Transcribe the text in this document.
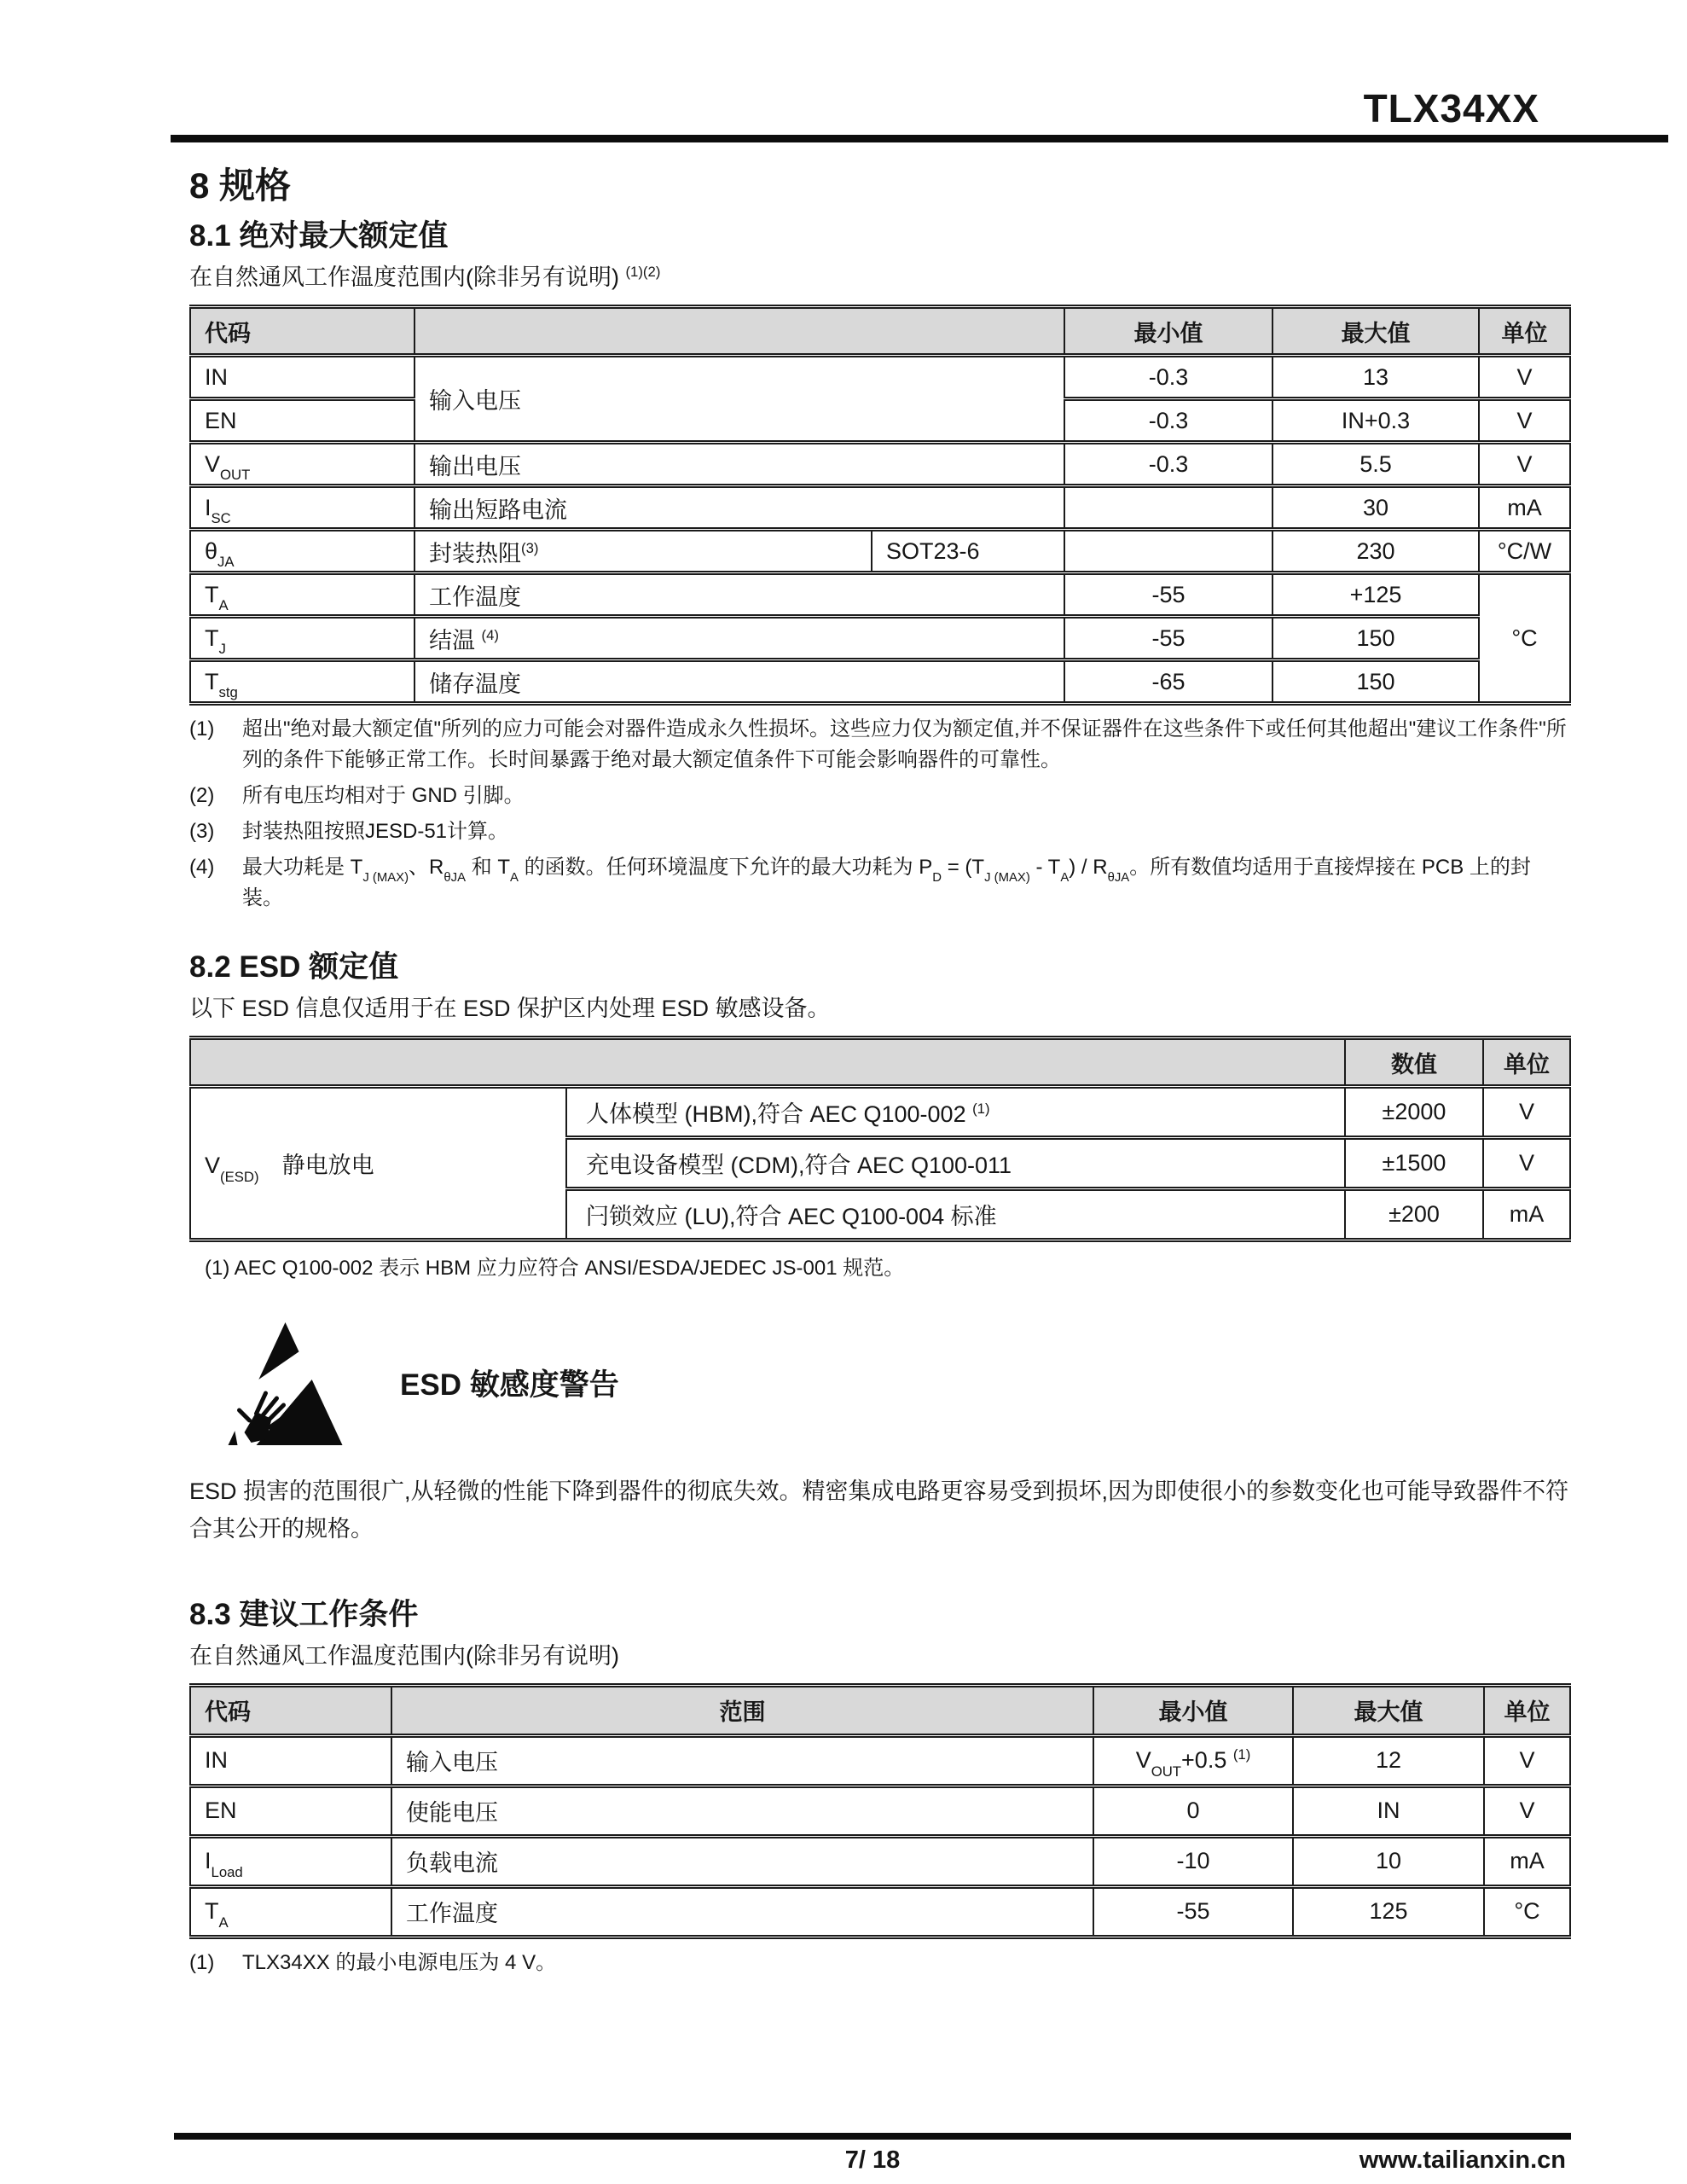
TLX34XX
8 规格
8.1 绝对最大额定值

在自然通风工作温度范围内(除非另有说明) $^{(1)(2)}$

代码			最小值	最大值	单位
IN	输入电压		-0.3	13	V
EN			-0.3	IN+0.3	V
$V_{OUT}$	输出电压		-0.3	5.5	V
$I_{SC}$	输出短路电流			30	mA
$\theta_{JA}$	封装热阻$^{(3)}$	SOT23-6		230	°C/W
$T_A$	工作温度		-55	+125	°C
$T_J$	结温 $^{(4)}$		-55	150	
$T_{stg}$	储存温度		-65	150	
(1)	超出"绝对最大额定值"所列的应力可能会对器件造成永久性损坏。这些应力仅为额定值,并不保证器件在这些条件下或任何其他超出"建议工作条件"所列的条件下能够正常工作。长时间暴露于绝对最大额定值条件下可能会影响器件的可靠性。
(2)	所有电压均相对于 GND 引脚。
(3)	封装热阻按照JESD-51计算。
(4)	最大功耗是 $T_{J (MAX)}$、$R_{\theta JA}$ 和 $T_A$ 的函数。任何环境温度下允许的最大功耗为 $P_D = (T_{J (MAX)} - T_A) / R_{\theta JA}$。所有数值均适用于直接焊接在 PCB 上的封装。
8.2 ESD 额定值

以下 ESD 信息仅适用于在 ESD 保护区内处理 ESD 敏感设备。

		数值	单位
$V_{(ESD)}$　静电放电	人体模型 (HBM),符合 AEC Q100-002 $^{(1)}$	±2000	V
	充电设备模型 (CDM),符合 AEC Q100-011	±1500	V
	闩锁效应 (LU),符合 AEC Q100-004 标准	±200	mA

(1) AEC Q100-002 表示 HBM 应力应符合 ANSI/ESDA/JEDEC JS-001 规范。

ESD 敏感度警告

ESD 损害的范围很广,从轻微的性能下降到器件的彻底失效。精密集成电路更容易受到损坏,因为即使很小的参数变化也可能导致器件不符合其公开的规格。

8.3 建议工作条件

在自然通风工作温度范围内(除非另有说明)

代码	范围	最小值	最大值	单位
IN	输入电压	$V_{OUT}+0.5$ $^{(1)}$	12	V
EN	使能电压	0	IN	V
$I_{Load}$	负载电流	-10	10	mA
$T_A$	工作温度	-55	125	°C
(1)	TLX34XX 的最小电源电压为 4 V。
7/ 18	www.tailianxin.cn
